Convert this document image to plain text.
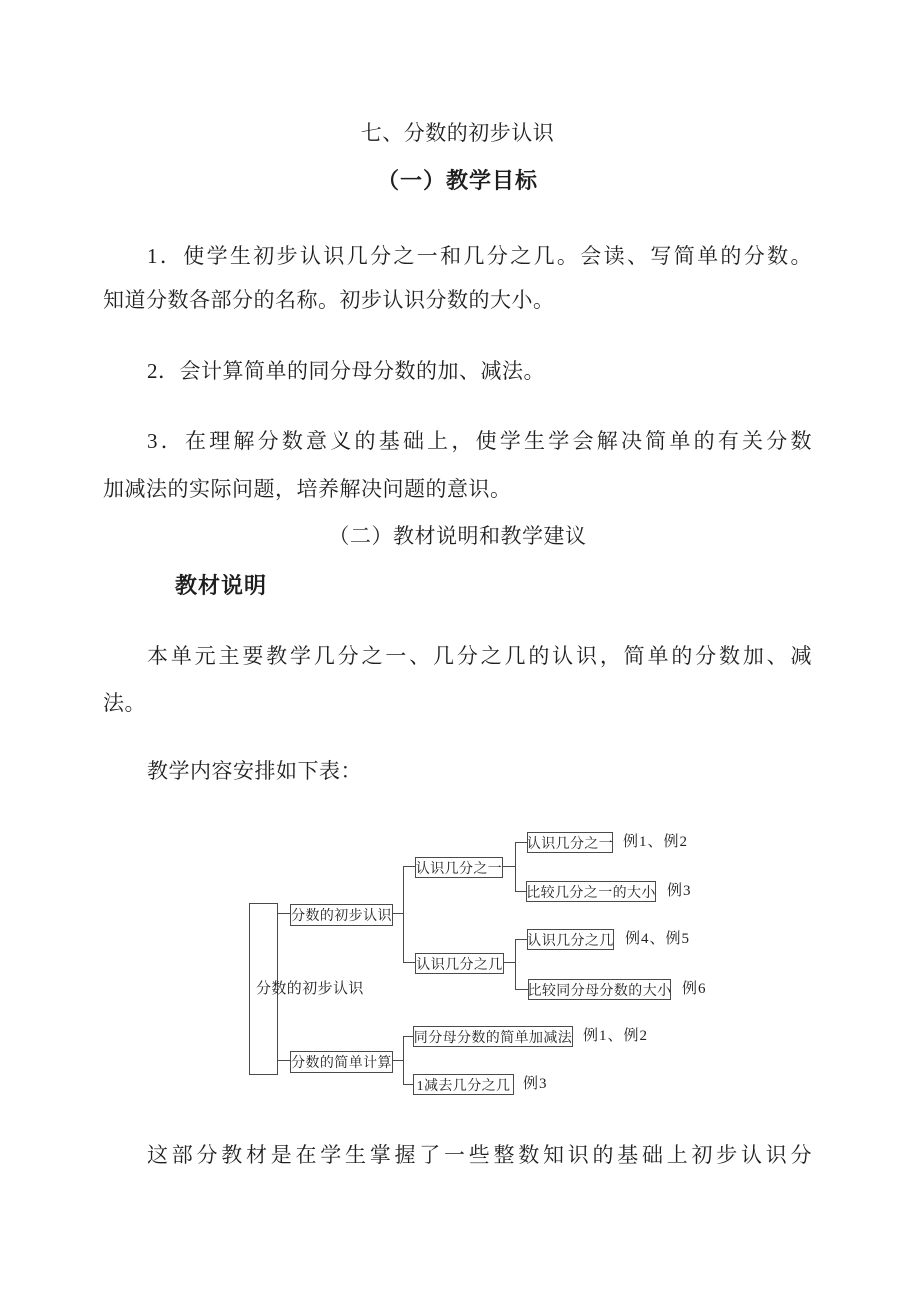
七、分数的初步认识
（一）教学目标
1．使学生初步认识几分之一和几分之几。会读、写简单的分数。
知道分数各部分的名称。初步认识分数的大小。
2．会计算简单的同分母分数的加、减法。
3．在理解分数意义的基础上，使学生学会解决简单的有关分数
加减法的实际问题，培养解决问题的意识。
（二）教材说明和教学建议
教材说明
本单元主要教学几分之一、几分之几的认识，简单的分数加、减
法。
教学内容安排如下表：
分数的初步认识
分数的初步认识
分数的简单计算
认识几分之一
认识几分之几
认识几分之一 例1、例2
比较几分之一的大小 例3
认识几分之几 例4、例5
比较同分母分数的大小 例6
同分母分数的简单加减法 例1、例2
1减去几分之几 例3
这部分教材是在学生掌握了一些整数知识的基础上初步认识分
